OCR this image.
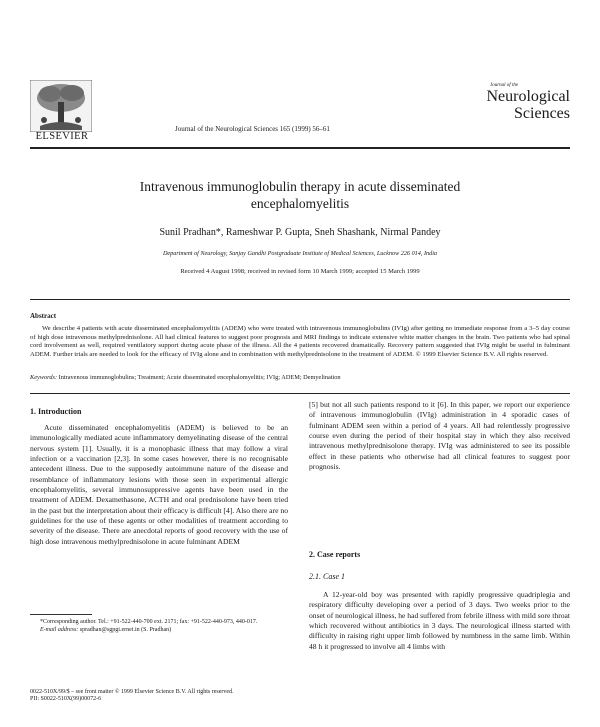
ELSEVIER
Journal of the
Neurological
Sciences
Journal of the Neurological Sciences 165 (1999) 56–61
Intravenous immunoglobulin therapy in acute disseminated
encephalomyelitis
Sunil Pradhan*, Rameshwar P. Gupta, Sneh Shashank, Nirmal Pandey
Department of Neurology, Sanjay Gandhi Postgraduate Institute of Medical Sciences, Lucknow 226 014, India
Received 4 August 1998; received in revised form 10 March 1999; accepted 15 March 1999
Abstract

We describe 4 patients with acute disseminated encephalomyelitis (ADEM) who were treated with intravenous immunoglobulins (IVIg) after getting no immediate response from a 3–5 day course of high dose intravenous methylprednisolone. All had clinical features to suggest poor prognosis and MRI findings to indicate extensive white matter changes in the brain. Two patients who had spinal cord involvement as well, required ventilatory support during acute phase of the illness. All the 4 patients recovered dramatically. Recovery pattern suggested that IVIg might be useful in fulminant ADEM. Further trials are needed to look for the efficacy of IVIg alone and in combination with methylprednisolone in the treatment of ADEM. © 1999 Elsevier Science B.V. All rights reserved.

Keywords: Intravenous immunoglobulins; Treatment; Acute disseminated encephalomyelitis; IVIg; ADEM; Demyelination
1. Introduction

Acute disseminated encephalomyelitis (ADEM) is believed to be an immunologically mediated acute inflammatory demyelinating disease of the central nervous system [1]. Usually, it is a monophasic illness that may follow a viral infection or a vaccination [2,3]. In some cases however, there is no recognisable antecedent illness. Due to the supposedly autoimmune nature of the disease and resemblance of inflammatory lesions with those seen in experimental allergic encephalomyelitis, several immunosuppressive agents have been used in the treatment of ADEM. Dexamethasone, ACTH and oral prednisolone have been tried in the past but the interpretation about their efficacy is difficult [4]. Also there are no guidelines for the use of these agents or other modalities of treatment according to severity of the disease. There are anecdotal reports of good recovery with the use of high dose intravenous methylprednisolone in acute fulminant ADEM

*Corresponding author. Tel.: +91-522-440-700 ext. 2171; fax: +91-522-440-973, 440-017.

E-mail address: spradhan@sgpgi.ernet.in (S. Pradhan)

[5] but not all such patients respond to it [6]. In this paper, we report our experience of intravenous immunoglobulin (IVIg) administration in 4 sporadic cases of fulminant ADEM seen within a period of 4 years. All had relentlessly progressive course even during the period of their hospital stay in which they also received intravenous methylprednisolone therapy. IVIg was administered to see its possible effect in these patients who otherwise had all clinical features to suggest poor prognosis.

2. Case reports
2.1. Case 1

A 12-year-old boy was presented with rapidly progressive quadriplegia and respiratory difficulty developing over a period of 3 days. Two weeks prior to the onset of neurological illness, he had suffered from febrile illness with mild sore throat which recovered without antibiotics in 3 days. The neurological illness started with difficulty in raising right upper limb followed by numbness in the same limb. Within 48 h it progressed to involve all 4 limbs with

0022-510X/99/$ – see front matter © 1999 Elsevier Science B.V. All rights reserved.
PII: S0022-510X(99)00072-6
